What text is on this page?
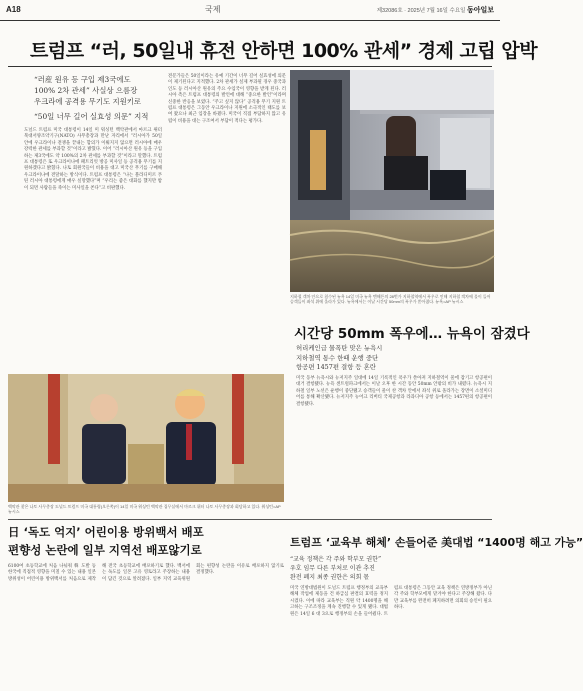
A18	국제	제32086호 · 2025년 7월 16일 수요일 동아일보
트럼프 “러, 50일내 휴전 안하면 100% 관세” 경제 고립 압박
“러産 원유 등 구입 제3국에도
100% 2차 관세” 사실상 으름장
우크라에 공격용 무기도 지원키로
“50일 너무 길어 실효성 의문” 지적
도널드 트럼프 미국 대통령이 14일 미 워싱턴 백악관에서 마르크 뤼터 북대서양조약기구(NATO) 사무총장과 만난 자리에서 “러시아가 50일 안에 우크라이나 전쟁을 끝내는 합의가 이뤄지지 않으면 러시아에 매우 강력한 관세를 부과할 것”이라고 밝혔다. 이어 “러시아산 원유 등을 구입하는 제3국에도 약 100%의 2차 관세를 부과할 것”이라고 말했다. 트럼프 대통령은 또 우크라이나에 패트리엇 방공 미사일 등 공격용 무기를 지원하겠다고 밝혔다. 나토 회원국들이 비용을 대고 미국산 무기를 구매해 우크라이나에 전달하는 방식이다. 트럼프 대통령은 “나는 블라디미르 푸틴 러시아 대통령에게 매우 실망했다”며 “우리는 좋은 대화를 했지만 밤이 되면 사람들을 죽이는 미사일을 쏜다”고 비판했다.
전문가들은 50일이라는 유예 기간이 너무 길어 실효성에 의문이 제기된다고 지적했다. 2차 관세가 실제 부과될 경우 중국과 인도 등 러시아산 원유의 주요 수입국이 영향을 받게 된다. 러시아 측은 트럼프 대통령의 발언에 대해 “중요한 발언”이라며 신중한 반응을 보였다. “주고 싶지 않다” 공격용 무기 지원 트럼프 대통령은 그동안 우크라이나 지원에 소극적인 태도를 보여 왔으나 최근 입장을 바꿨다. 미국이 직접 부담하지 않고 유럽이 비용을 대는 구조여서 부담이 적다는 평가다.
지하철 객차 안으로 침수된 뉴욕 14일 미국 뉴욕 맨해튼의 28번가 지하철역에서 폭우로 인해 지하철 객차에 물이 들어 승객들이 좌석 위에 올라가 있다. 뉴욕에서는 이날 시간당 50mm의 폭우가 쏟아졌다. 뉴욕=AP 뉴시스
시간당 50mm 폭우에… 뉴욕이 잠겼다
허리케인급 물폭탄 맞은 뉴욕시
지하철역 통수 한때 운행 중단
항공편 1457편 결항 등 혼란
미국 동부 뉴욕시와 뉴저지주 일대에 14일 기록적인 폭우가 쏟아져 지하철역이 물에 잠기고 항공편이 대거 결항됐다. 뉴욕 센트럴파크에서는 이날 오후 한 시간 동안 50mm 안팎의 비가 내렸다. 뉴욕시 지하철 일부 노선은 운행이 중단됐고 승객들이 물이 찬 객차 안에서 좌석 위로 올라가는 장면이 소셜미디어를 통해 확산됐다. 뉴저지주 뉴어크 리버티 국제공항과 라과디아 공항 등에서는 1457편의 항공편이 결항됐다.
백악관 찾은 나토 사무총장 도널드 트럼프 미국 대통령(오른쪽)이 14일 미국 워싱턴 백악관 집무실에서 마르크 뤼터 나토 사무총장과 회담하고 있다. 워싱턴=AP 뉴시스
日 ‘독도 억지’ 어린이용 방위백서 배포
편향성 논란에 일부 지역선 배포않기로
6100여 초등학교에 처음 나눠줘 韓 도발 등 한국에 직접적 영향을 미칠 수 있는 내용 일본 방위성이 어린이용 방위백서를 처음으로 제작해 전국 초등학교에 배포하기로 했다. 백서에는 독도를 일본 고유 영토라고 주장하는 내용이 담긴 것으로 알려졌다. 일부 지역 교육위원회는 편향성 논란을 이유로 배포하지 않기로 결정했다.
트럼프 ‘교육부 해체’ 손들어준 美대법 “1400명 해고 가능”
“교육 정책은 각 주와 학부모 권한”
우호 임무 다른 부처로 이관 추진
완전 폐지 최종 권한은 의회 몫
미국 연방대법원이 도널드 트럼프 행정부의 교육부 해체 작업에 제동을 건 하급심 판결의 효력을 정지시켰다. 이에 따라 교육부는 직원 약 1400명을 해고하는 구조조정을 계속 진행할 수 있게 됐다. 대법원은 14일 6 대 3으로 행정부의 손을 들어줬다. 트럼프 대통령은 그동안 교육 정책은 연방정부가 아닌 각 주와 학부모에게 맡겨야 한다고 주장해 왔다. 다만 교육부를 완전히 폐지하려면 의회의 승인이 필요하다.
